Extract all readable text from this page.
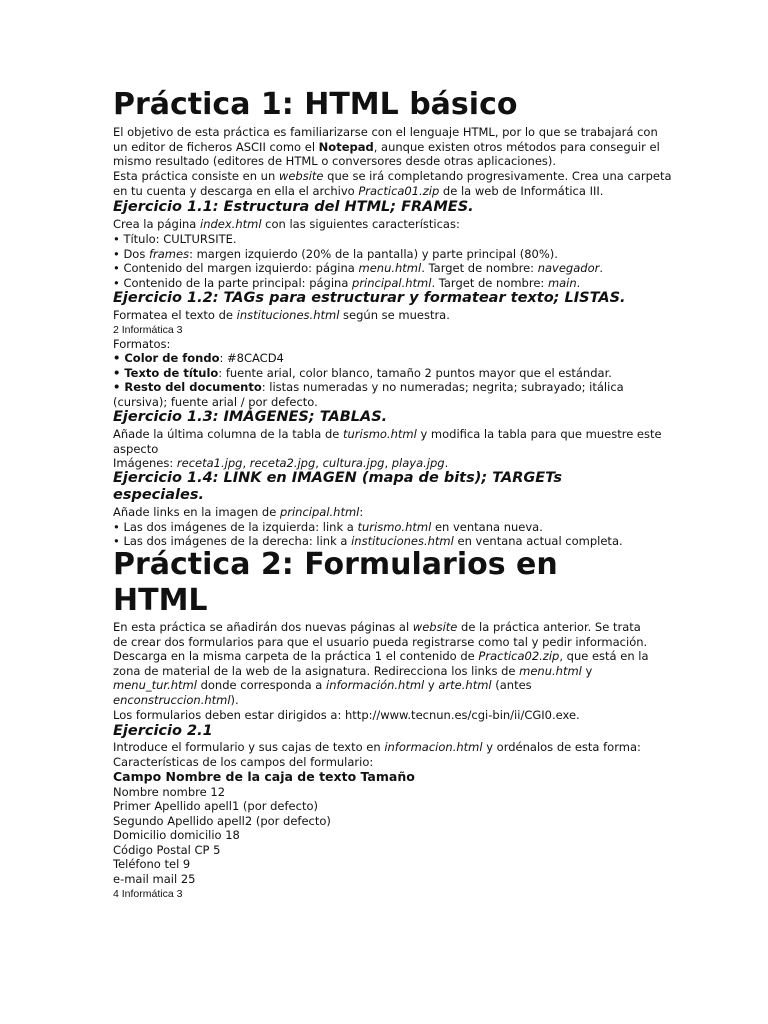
Práctica 1: HTML básico
El objetivo de esta práctica es familiarizarse con el lenguaje HTML, por lo que se trabajará con
un editor de ficheros ASCII como el Notepad, aunque existen otros métodos para conseguir el
mismo resultado (editores de HTML o conversores desde otras aplicaciones).
Esta práctica consiste en un website que se irá completando progresivamente. Crea una carpeta
en tu cuenta y descarga en ella el archivo Practica01.zip de la web de Informática III.
Ejercicio 1.1: Estructura del HTML; FRAMES.
Crea la página index.html con las siguientes características:
• Título: CULTURSITE.
• Dos frames: margen izquierdo (20% de la pantalla) y parte principal (80%).
• Contenido del margen izquierdo: página menu.html. Target de nombre: navegador.
• Contenido de la parte principal: página principal.html. Target de nombre: main.
Ejercicio 1.2: TAGs para estructurar y formatear texto; LISTAS.
Formatea el texto de instituciones.html según se muestra.
2 Informática 3
Formatos:
• Color de fondo: #8CACD4
• Texto de título: fuente arial, color blanco, tamaño 2 puntos mayor que el estándar.
• Resto del documento: listas numeradas y no numeradas; negrita; subrayado; itálica
(cursiva); fuente arial / por defecto.
Ejercicio 1.3: IMÁGENES; TABLAS.
Añade la última columna de la tabla de turismo.html y modifica la tabla para que muestre este
aspecto
Imágenes: receta1.jpg, receta2.jpg, cultura.jpg, playa.jpg.
Ejercicio 1.4: LINK en IMAGEN (mapa de bits); TARGETs
especiales.
Añade links en la imagen de principal.html:
• Las dos imágenes de la izquierda: link a turismo.html en ventana nueva.
• Las dos imágenes de la derecha: link a instituciones.html en ventana actual completa.
Práctica 2: Formularios en
HTML
En esta práctica se añadirán dos nuevas páginas al website de la práctica anterior. Se trata
de crear dos formularios para que el usuario pueda registrarse como tal y pedir información.
Descarga en la misma carpeta de la práctica 1 el contenido de Practica02.zip, que está en la
zona de material de la web de la asignatura. Redirecciona los links de menu.html y
menu_tur.html donde corresponda a información.html y arte.html (antes
enconstruccion.html).
Los formularios deben estar dirigidos a: http://www.tecnun.es/cgi-bin/ii/CGI0.exe.
Ejercicio 2.1
Introduce el formulario y sus cajas de texto en informacion.html y ordénalos de esta forma:
Características de los campos del formulario:
Campo Nombre de la caja de texto Tamaño
Nombre nombre 12
Primer Apellido apell1 (por defecto)
Segundo Apellido apell2 (por defecto)
Domicilio domicilio 18
Código Postal CP 5
Teléfono tel 9
e-mail mail 25
4 Informática 3
